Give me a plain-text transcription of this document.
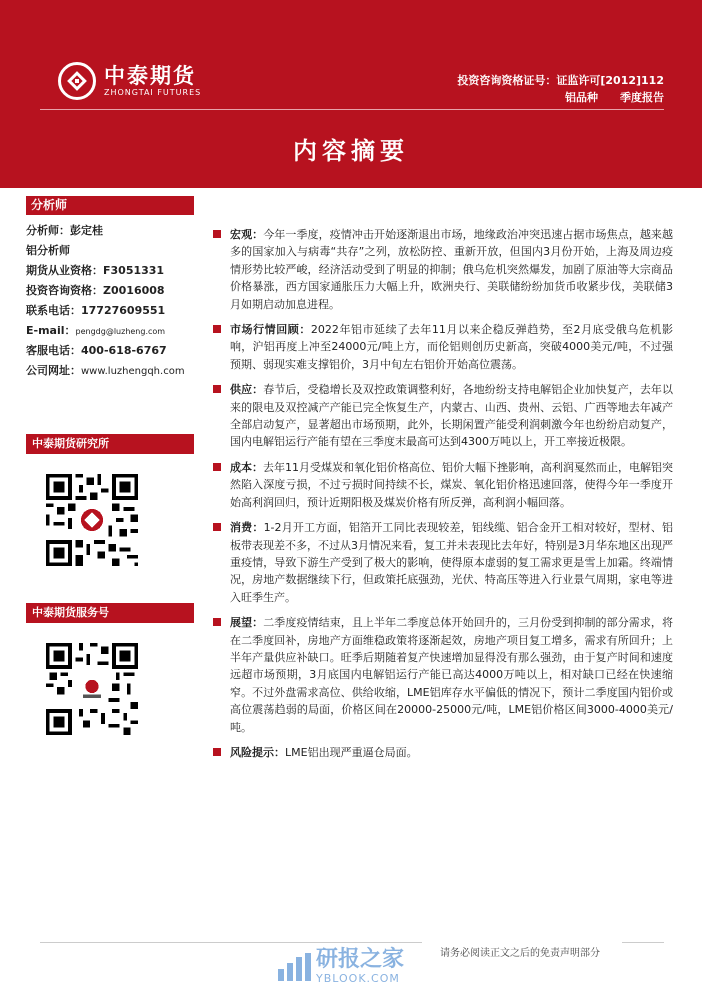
中泰期货
ZHONGTAI FUTURES
投资咨询资格证号：证监许可[2012]112
铝品种 季度报告
内容摘要
分析师
分析师：彭定桂
铝分析师
期货从业资格：F3051331
投资咨询资格：Z0016008
联系电话：17727609551
E-mail：pengdg@luzheng.com
客服电话：400-618-6767
公司网址：www.luzhengqh.com
中泰期货研究所
中泰期货服务号
宏观：今年一季度，疫情冲击开始逐渐退出市场，地缘政治冲突迅速占据市场焦点，越来越多的国家加入与病毒“共存”之列，放松防控、重新开放，但国内3月份开始，上海及周边疫情形势比较严峻，经济活动受到了明显的抑制；俄乌危机突然爆发，加剧了原油等大宗商品价格暴涨，西方国家通胀压力大幅上升，欧洲央行、美联储纷纷加货币收紧步伐，美联储3月如期启动加息进程。
市场行情回顾：2022年铝市延续了去年11月以来企稳反弹趋势，至2月底受俄乌危机影响，沪铝再度上冲至24000元/吨上方，而伦铝则创历史新高，突破4000美元/吨，不过强预期、弱现实难支撑铝价，3月中旬左右铝价开始高位震荡。
供应：春节后，受稳增长及双控政策调整利好，各地纷纷支持电解铝企业加快复产，去年以来的限电及双控减产产能已完全恢复生产，内蒙古、山西、贵州、云铝、广西等地去年减产全部启动复产，显著超出市场预期，此外，长期闲置产能受利润刺激今年也纷纷启动复产，国内电解铝运行产能有望在三季度末最高可达到4300万吨以上，开工率接近极限。
成本：去年11月受煤炭和氧化铝价格高位、铝价大幅下挫影响，高利润戛然而止，电解铝突然陷入深度亏损，不过亏损时间持续不长，煤炭、氧化铝价格迅速回落，使得今年一季度开始高利润回归，预计近期阳极及煤炭价格有所反弹，高利润小幅回落。
消费：1-2月开工方面，铝箔开工同比表现较差，铝线缆、铝合金开工相对较好，型材、铝板带表现差不多，不过从3月情况来看，复工并未表现比去年好，特别是3月华东地区出现严重疫情，导致下游生产受到了极大的影响，使得原本虚弱的复工需求更是雪上加霜。终端情况，房地产数据继续下行，但政策托底强劲，光伏、特高压等进入行业景气周期，家电等进入旺季生产。
展望：二季度疫情结束，且上半年二季度总体开始回升的，三月份受到抑制的部分需求，将在二季度回补，房地产方面维稳政策将逐渐起效，房地产项目复工增多，需求有所回升；上半年产量供应补缺口。旺季后期随着复产快速增加显得没有那么强劲，由于复产时间和速度远超市场预期，3月底国内电解铝运行产能已高达4000万吨以上，相对缺口已经在快速缩窄。不过外盘需求高位、供给收缩，LME铝库存水平偏低的情况下，预计二季度国内铝价或高位震荡趋弱的局面，价格区间在20000-25000元/吨，LME铝价格区间3000-4000美元/吨。
风险提示：LME铝出现严重逼仓局面。
请务必阅读正文之后的免责声明部分
研报之家
YBLOOK.COM
